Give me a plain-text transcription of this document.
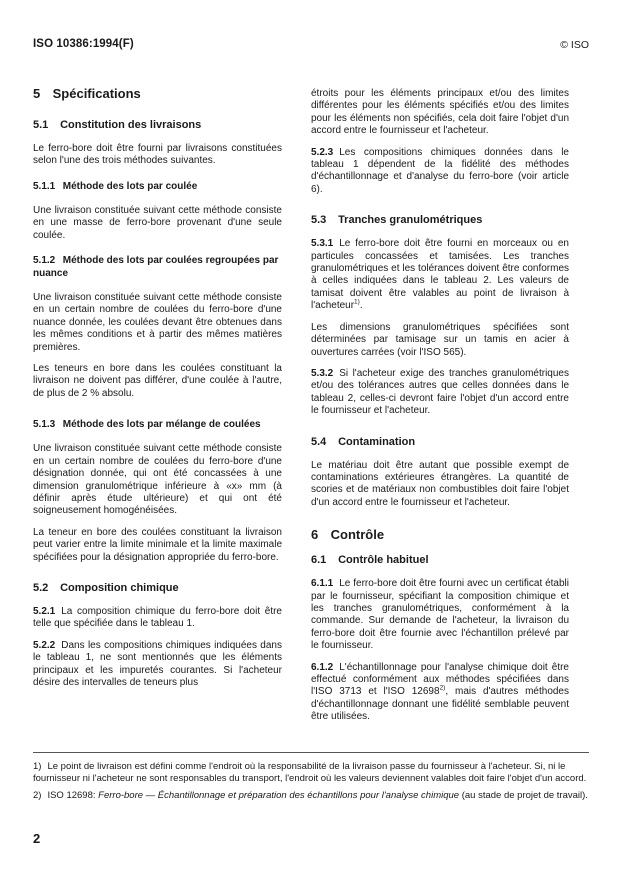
ISO 10386:1994(F)	© ISO
5 Spécifications
5.1 Constitution des livraisons

Le ferro-bore doit être fourni par livraisons constituées selon l'une des trois méthodes suivantes.

5.1.1 Méthode des lots par coulée

Une livraison constituée suivant cette méthode consiste en une masse de ferro-bore provenant d'une seule coulée.

5.1.2 Méthode des lots par coulées regroupées par nuance

Une livraison constituée suivant cette méthode consiste en un certain nombre de coulées du ferro-bore d'une nuance donnée, les coulées devant être obtenues dans les mêmes conditions et à partir des mêmes matières premières.

Les teneurs en bore dans les coulées constituant la livraison ne doivent pas différer, d'une coulée à l'autre, de plus de 2 % absolu.

5.1.3 Méthode des lots par mélange de coulées

Une livraison constituée suivant cette méthode consiste en un certain nombre de coulées du ferro-bore d'une désignation donnée, qui ont été concassées à une dimension granulométrique inférieure à «x» mm (à définir après étude ultérieure) et qui ont été soigneusement homogénéisées.

La teneur en bore des coulées constituant la livraison peut varier entre la limite minimale et la limite maximale spécifiées pour la désignation appropriée du ferro-bore.

5.2 Composition chimique

5.2.1 La composition chimique du ferro-bore doit être telle que spécifiée dans le tableau 1.

5.2.2 Dans les compositions chimiques indiquées dans le tableau 1, ne sont mentionnés que les éléments principaux et les impuretés courantes. Si l'acheteur désire des intervalles de teneurs plus

étroits pour les éléments principaux et/ou des limites différentes pour les éléments spécifiés et/ou des limites pour les éléments non spécifiés, cela doit faire l'objet d'un accord entre le fournisseur et l'acheteur.

5.2.3 Les compositions chimiques données dans le tableau 1 dépendent de la fidélité des méthodes d'échantillonnage et d'analyse du ferro-bore (voir article 6).

5.3 Tranches granulométriques

5.3.1 Le ferro-bore doit être fourni en morceaux ou en particules concassées et tamisées. Les tranches granulométriques et les tolérances doivent être conformes à celles indiquées dans le tableau 2. Les valeurs de tamisat doivent être valables au point de livraison à l'acheteur$^{1)}$.

Les dimensions granulométriques spécifiées sont déterminées par tamisage sur un tamis en acier à ouvertures carrées (voir l'ISO 565).

5.3.2 Si l'acheteur exige des tranches granulométriques et/ou des tolérances autres que celles données dans le tableau 2, celles-ci devront faire l'objet d'un accord entre le fournisseur et l'acheteur.

5.4 Contamination

Le matériau doit être autant que possible exempt de contaminations extérieures étrangères. La quantité de scories et de matériaux non combustibles doit faire l'objet d'un accord entre le fournisseur et l'acheteur.

6 Contrôle
6.1 Contrôle habituel

6.1.1 Le ferro-bore doit être fourni avec un certificat établi par le fournisseur, spécifiant la composition chimique et les tranches granulométriques, conformément à la commande. Sur demande de l'acheteur, la livraison du ferro-bore doit être fournie avec l'échantillon prélevé par le fournisseur.

6.1.2 L'échantillonnage pour l'analyse chimique doit être effectué conformément aux méthodes spécifiées dans l'ISO 3713 et l'ISO 12698$^{2)}$, mais d'autres méthodes d'échantillonnage donnant une fidélité semblable peuvent être utilisées.

1) Le point de livraison est défini comme l'endroit où la responsabilité de la livraison passe du fournisseur à l'acheteur. Si, ni le fournisseur ni l'acheteur ne sont responsables du transport, l'endroit où les valeurs deviennent valables doit faire l'objet d'un accord.

2) ISO 12698: Ferro-bore — Échantillonnage et préparation des échantillons pour l'analyse chimique (au stade de projet de travail).

2
